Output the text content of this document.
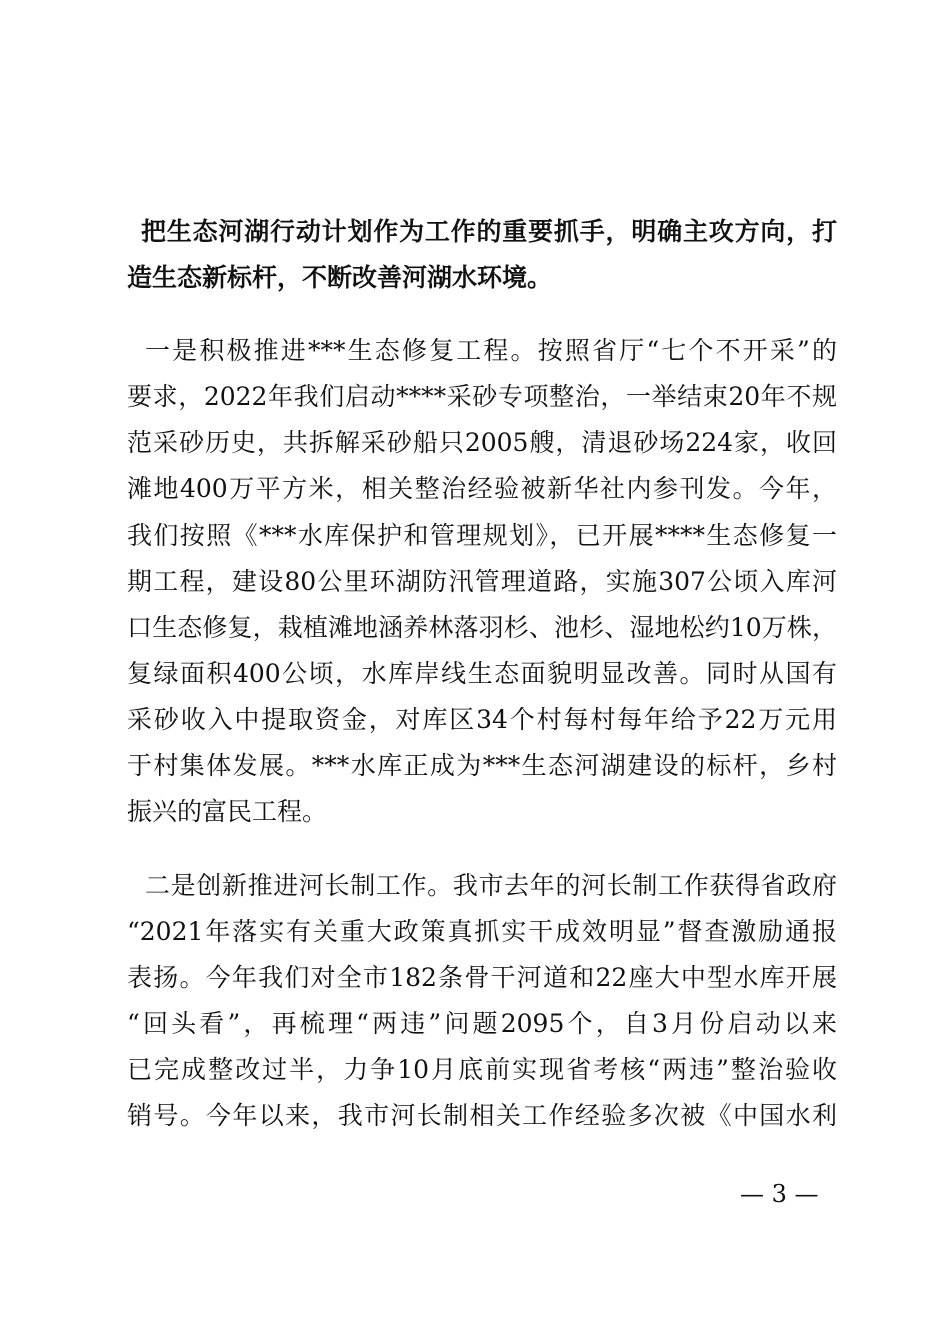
把生态河湖行动计划作为工作的重要抓手，明确主攻方向，打
造生态新标杆，不断改善河湖水环境。
一是积极推进***生态修复工程。按照省厅“七个不开采”的
要求，2022年我们启动****采砂专项整治，一举结束20年不规
范采砂历史，共拆解采砂船只2005艘，清退砂场224家，收回
滩地400万平方米，相关整治经验被新华社内参刊发。今年，
我们按照《***水库保护和管理规划》，已开展****生态修复一
期工程，建设80公里环湖防汛管理道路，实施307公顷入库河
口生态修复，栽植滩地涵养林落羽杉、池杉、湿地松约10万株，
复绿面积400公顷，水库岸线生态面貌明显改善。同时从国有
采砂收入中提取资金，对库区34个村每村每年给予22万元用
于村集体发展。***水库正成为***生态河湖建设的标杆，乡村
振兴的富民工程。
二是创新推进河长制工作。我市去年的河长制工作获得省政府
“2021年落实有关重大政策真抓实干成效明显”督查激励通报
表扬。今年我们对全市182条骨干河道和22座大中型水库开展
“回头看”，再梳理“两违”问题2095个，自3月份启动以来
已完成整改过半，力争10月底前实现省考核“两违”整治验收
销号。今年以来，我市河长制相关工作经验多次被《中国水利
— 3 —
